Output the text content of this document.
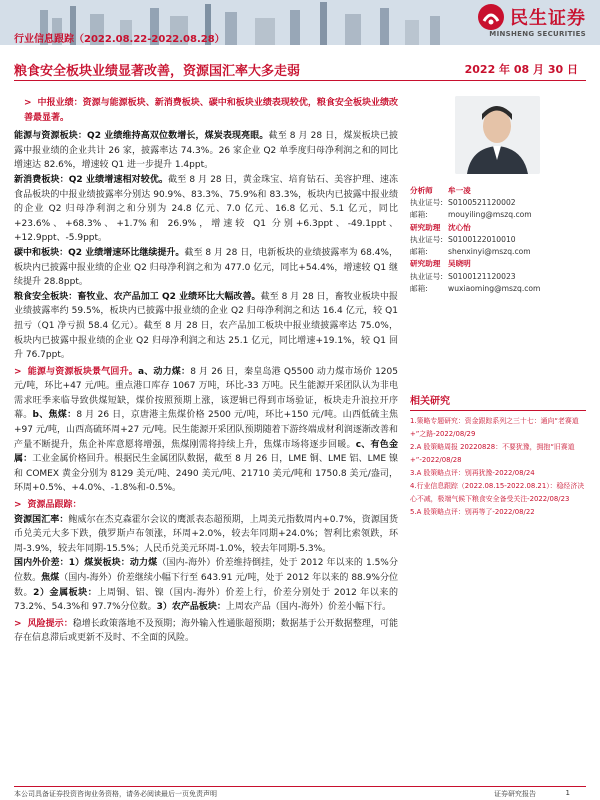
民生证券
MINSHENG SECURITIES
行业信息跟踪（2022.08.22-2022.08.28）
粮食安全板块业绩显著改善，资源国汇率大多走弱	2022 年 08 月 30 日

> 中报业绩：资源与能源板块、新消费板块、碳中和板块业绩表现较优，粮食安全板块业绩改善最显著。

能源与资源板块：Q2 业绩维持高双位数增长，煤炭表现亮眼。截至 8 月 28 日，煤炭板块已披露中报业绩的企业共计 26 家，披露率达 74.3%。26 家企业 Q2 单季度归母净利润之和的同比增速达 82.6%，增速较 Q1 进一步提升 1.4ppt。

新消费板块：Q2 业绩增速相对较优。截至 8 月 28 日，黄金珠宝、培育钻石、美容护理、速冻食品板块的中报业绩披露率分别达 90.9%、83.3%、75.9%和 83.3%，板块内已披露中报业绩的企业 Q2 归母净利润之和分别为 24.8 亿元、7.0 亿元、16.8 亿元、5.1 亿元，同比+23.6%、+68.3%、+1.7%和 26.9%，增速较 Q1 分别+6.3ppt、-49.1ppt、+12.9ppt、-5.9ppt。

碳中和板块：Q2 业绩增速环比继续提升。截至 8 月 28 日，电新板块的业绩披露率为 68.4%，板块内已披露中报业绩的企业 Q2 归母净利润之和为 477.0 亿元，同比+54.4%，增速较 Q1 继续提升 28.8ppt。

粮食安全板块：畜牧业、农产品加工 Q2 业绩环比大幅改善。截至 8 月 28 日，畜牧业板块中报业绩披露率约 59.5%，板块内已披露中报业绩的企业 Q2 归母净利润之和达 16.4 亿元，较 Q1 扭亏（Q1 净亏损 58.4 亿元）。截至 8 月 28 日，农产品加工板块中报业绩披露率达 75.0%，板块内已披露中报业绩的企业 Q2 归母净利润之和达 25.1 亿元，同比增速+19.1%，较 Q1 回升 76.7ppt。

> 能源与资源板块景气回升。a、动力煤：8 月 26 日，秦皇岛港 Q5500 动力煤市场价 1205 元/吨，环比+47 元/吨。重点港口库存 1067 万吨，环比-33 万吨。民生能源开采团队认为非电需求旺季来临导致供煤短缺，煤价按照预期上涨，该逻辑已得到市场验证，板块走升浪拉开序幕。b、焦煤：8 月 26 日，京唐港主焦煤价格 2500 元/吨，环比+150 元/吨。山西低硫主焦+97 元/吨，山西高硫环周+27 元/吨。民生能源开采团队预期随着下游终端成材利润逐渐改善和产量不断提升，焦企补库意愿将增强，焦煤刚需将持续上升，焦煤市场将逐步回暖。c、有色金属：工业金属价格回升。根据民生金属团队数据，截至 8 月 26 日，LME 铜、LME 铝、LME 镍和 COMEX 黄金分别为 8129 美元/吨、2490 美元/吨、21710 美元/吨和 1750.8 美元/盎司，环周+0.5%、+4.0%、-1.8%和-0.5%。

> 资源品跟踪：

资源国汇率：鲍威尔在杰克森霍尔会议的鹰派表态超预期，上周美元指数周内+0.7%，资源国货币兑美元大多下跌，俄罗斯卢布领涨，环周+2.0%，较去年同期+24.0%；智利比索领跌，环周-3.9%，较去年同期-15.5%；人民币兑美元环周-1.0%，较去年同期-5.3%。

国内外价差：1）煤炭板块：动力煤（国内-海外）价差维持倒挂，处于 2012 年以来的 1.5%分位数。焦煤（国内-海外）价差继续小幅下行至 643.91 元/吨，处于 2012 年以来的 88.9%分位数。2）金属板块：上周铜、铝、镍（国内-海外）价差上行，价差分别处于 2012 年以来的 73.2%、54.3%和 97.7%分位数。3）农产品板块：上周农产品（国内-海外）价差小幅下行。

> 风险提示：稳增长政策落地不及预期；海外输入性通胀超预期；数据基于公开数据整理，可能存在信息滞后或更新不及时、不全面的风险。

分析师	牟一凌
执业证号: S0100521120002
邮箱:	mouyiling@mszq.com
研究助理	沈心怡
执业证号: S0100122010010
邮箱:	shenxinyi@mszq.com
研究助理	吴晓明
执业证号: S0100121120023
邮箱:	wuxiaoming@mszq.com
相关研究
1.策略专题研究：资金跟踪系列之三十七：通向“老赛道+”之路-2022/08/29
2.A 股策略周报 20220828：不要犹豫，拥抱“旧赛道+”-2022/08/28
3.A 股策略点评：别再犹豫-2022/08/24
4.行业信息跟踪（2022.08.15-2022.08.21）：稳经济决心不减，极端气候下粮食安全备受关注-2022/08/23
5.A 股策略点评：别再等了-2022/08/22
本公司具备证券投资咨询业务资格，请务必阅读最后一页免责声明	证券研究报告	1
